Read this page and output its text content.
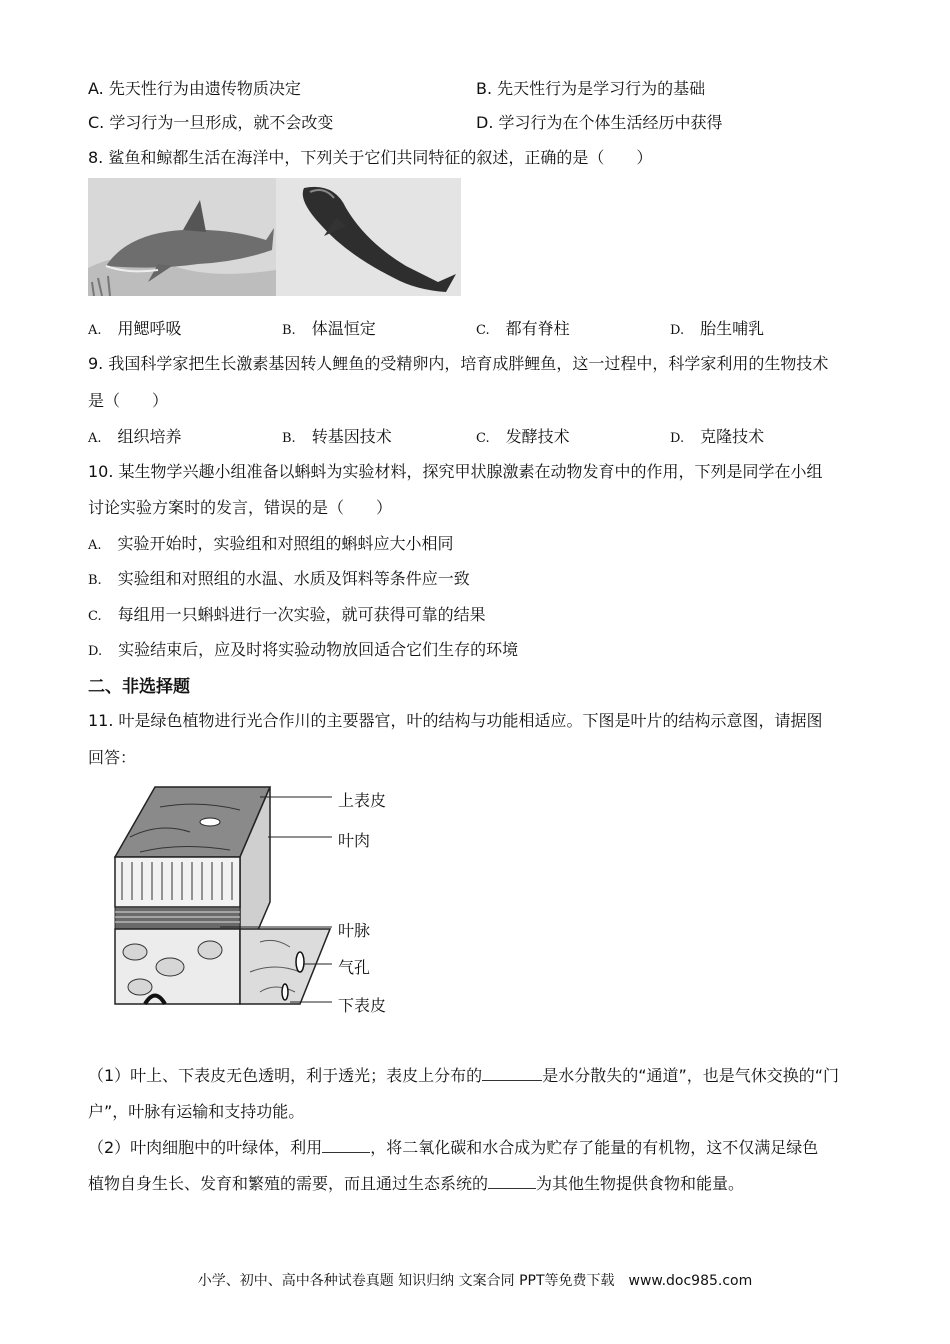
A. 先天性行为由遗传物质决定	B. 先天性行为是学习行为的基础
C. 学习行为一旦形成，就不会改变	D. 学习行为在个体生活经历中获得
8. 鲨鱼和鲸都生活在海洋中，下列关于它们共同特征的叙述，正确的是（　　）
A. 用鳃呼吸	B. 体温恒定	C. 都有脊柱	D. 胎生哺乳
9. 我国科学家把生长激素基因转人鲤鱼的受精卵内，培育成胖鲤鱼，这一过程中，科学家利用的生物技术
是（　　）
A. 组织培养	B. 转基因技术	C. 发酵技术	D. 克隆技术
10. 某生物学兴趣小组准备以蝌蚪为实验材料，探究甲状腺激素在动物发育中的作用，下列是同学在小组
讨论实验方案时的发言，错误的是（　　）
A. 实验开始时，实验组和对照组的蝌蚪应大小相同
B. 实验组和对照组的水温、水质及饵料等条件应一致
C. 每组用一只蝌蚪进行一次实验，就可获得可靠的结果
D. 实验结束后，应及时将实验动物放回适合它们生存的环境
二、非选择题
11. 叶是绿色植物进行光合作川的主要器官，叶的结构与功能相适应。下图是叶片的结构示意图，请据图
回答：
上表皮
叶肉
叶脉
气孔
下表皮
（1）叶上、下表皮无色透明，利于透光；表皮上分布的	是水分散失的“通道”，也是气休交换的“门
户”，叶脉有运输和支持功能。
（2）叶肉细胞中的叶绿体，利用	，将二氧化碳和水合成为贮存了能量的有机物，这不仅满足绿色
植物自身生长、发育和繁殖的需要，而且通过生态系统的	为其他生物提供食物和能量。
小学、初中、高中各种试卷真题 知识归纳 文案合同 PPT等免费下载　www.doc985.com
